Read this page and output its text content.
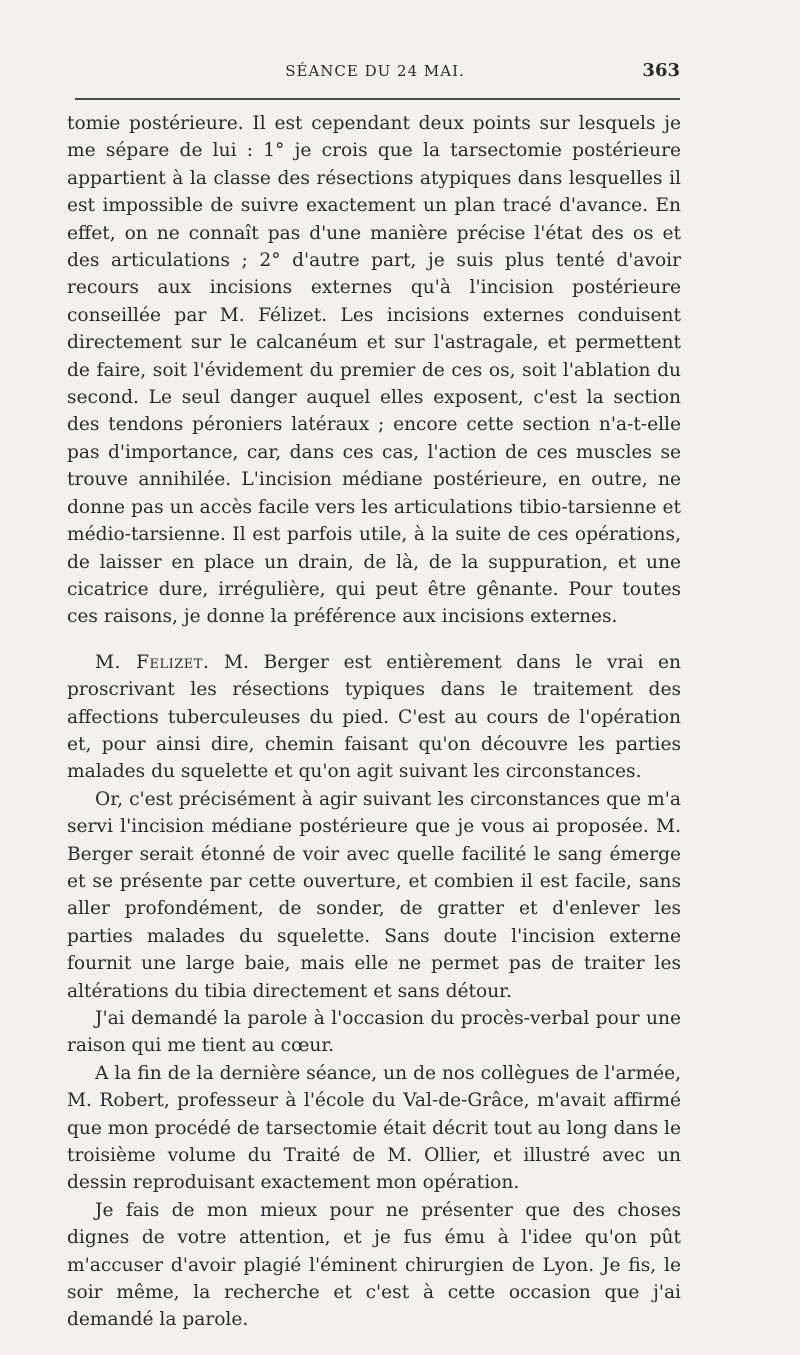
SÉANCE DU 24 MAI.	363

tomie postérieure. Il est cependant deux points sur lesquels je me sépare de lui : 1° je crois que la tarsectomie postérieure appartient à la classe des résections atypiques dans lesquelles il est impossible de suivre exactement un plan tracé d'avance. En effet, on ne connaît pas d'une manière précise l'état des os et des articulations ; 2° d'autre part, je suis plus tenté d'avoir recours aux incisions externes qu'à l'incision postérieure conseillée par M. Félizet. Les incisions externes conduisent directement sur le calcanéum et sur l'astragale, et permettent de faire, soit l'évidement du premier de ces os, soit l'ablation du second. Le seul danger auquel elles exposent, c'est la section des tendons péroniers latéraux ; encore cette section n'a-t-elle pas d'importance, car, dans ces cas, l'action de ces muscles se trouve annihilée. L'incision médiane postérieure, en outre, ne donne pas un accès facile vers les articulations tibio-tarsienne et médio-tarsienne. Il est parfois utile, à la suite de ces opérations, de laisser en place un drain, de là, de la suppuration, et une cicatrice dure, irrégulière, qui peut être gênante. Pour toutes ces raisons, je donne la préférence aux incisions externes.

M. Felizet. M. Berger est entièrement dans le vrai en proscrivant les résections typiques dans le traitement des affections tuberculeuses du pied. C'est au cours de l'opération et, pour ainsi dire, chemin faisant qu'on découvre les parties malades du squelette et qu'on agit suivant les circonstances.

Or, c'est précisément à agir suivant les circonstances que m'a servi l'incision médiane postérieure que je vous ai proposée. M. Berger serait étonné de voir avec quelle facilité le sang émerge et se présente par cette ouverture, et combien il est facile, sans aller profondément, de sonder, de gratter et d'enlever les parties malades du squelette. Sans doute l'incision externe fournit une large baie, mais elle ne permet pas de traiter les altérations du tibia directement et sans détour.

J'ai demandé la parole à l'occasion du procès-verbal pour une raison qui me tient au cœur.

A la fin de la dernière séance, un de nos collègues de l'armée, M. Robert, professeur à l'école du Val-de-Grâce, m'avait affirmé que mon procédé de tarsectomie était décrit tout au long dans le troisième volume du Traité de M. Ollier, et illustré avec un dessin reproduisant exactement mon opération.

Je fais de mon mieux pour ne présenter que des choses dignes de votre attention, et je fus ému à l'idee qu'on pût m'accuser d'avoir plagié l'éminent chirurgien de Lyon. Je fis, le soir même, la recherche et c'est à cette occasion que j'ai demandé la parole.
